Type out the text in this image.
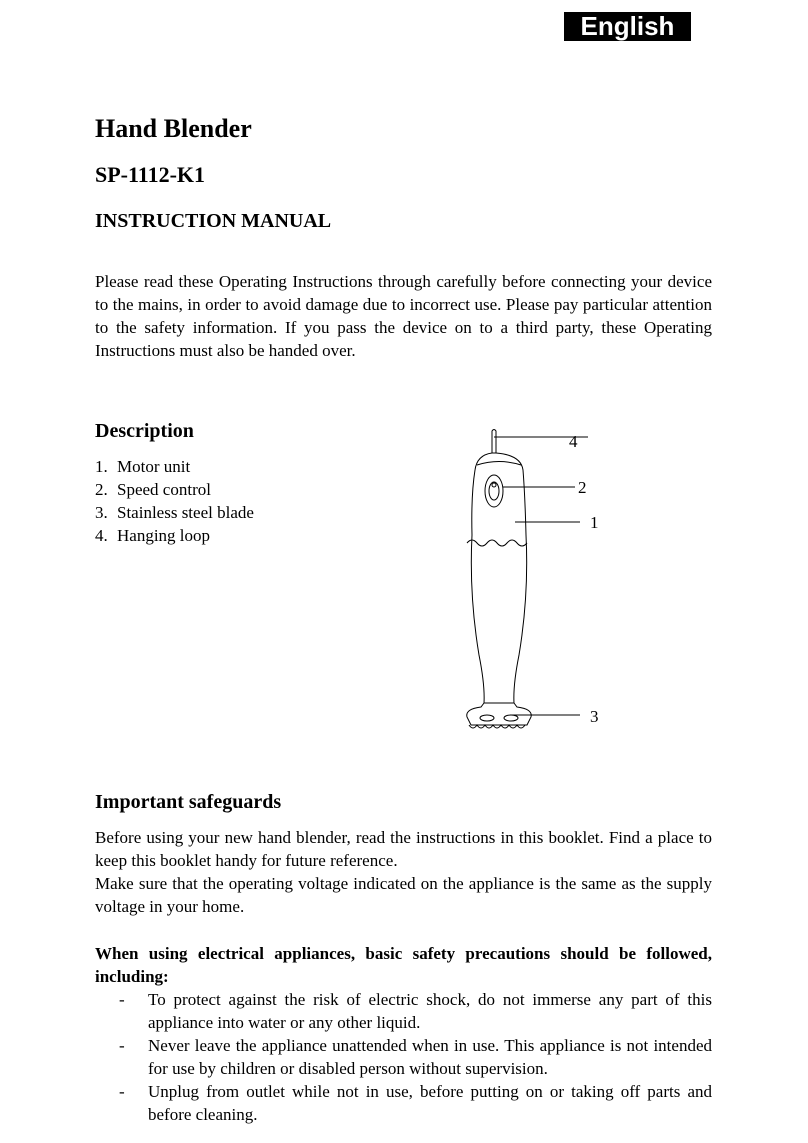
English
Hand Blender
SP-1112-K1
INSTRUCTION MANUAL

Please read these Operating Instructions through carefully before connecting your device to the mains, in order to avoid damage due to incorrect use. Please pay particular attention to the safety information. If you pass the device on to a third party, these Operating Instructions must also be handed over.

Description
1. Motor unit
2. Speed control
3. Stainless steel blade
4. Hanging loop
4
2
1
3
Important safeguards

Before using your new hand blender, read the instructions in this booklet. Find a place to keep this booklet handy for future reference.

Make sure that the operating voltage indicated on the appliance is the same as the supply voltage in your home.

When using electrical appliances, basic safety precautions should be followed, including:

-	To protect against the risk of electric shock, do not immerse any part of this appliance into water or any other liquid.
-	Never leave the appliance unattended when in use. This appliance is not intended for use by children or disabled person without supervision.
-	Unplug from outlet while not in use, before putting on or taking off parts and before cleaning.
